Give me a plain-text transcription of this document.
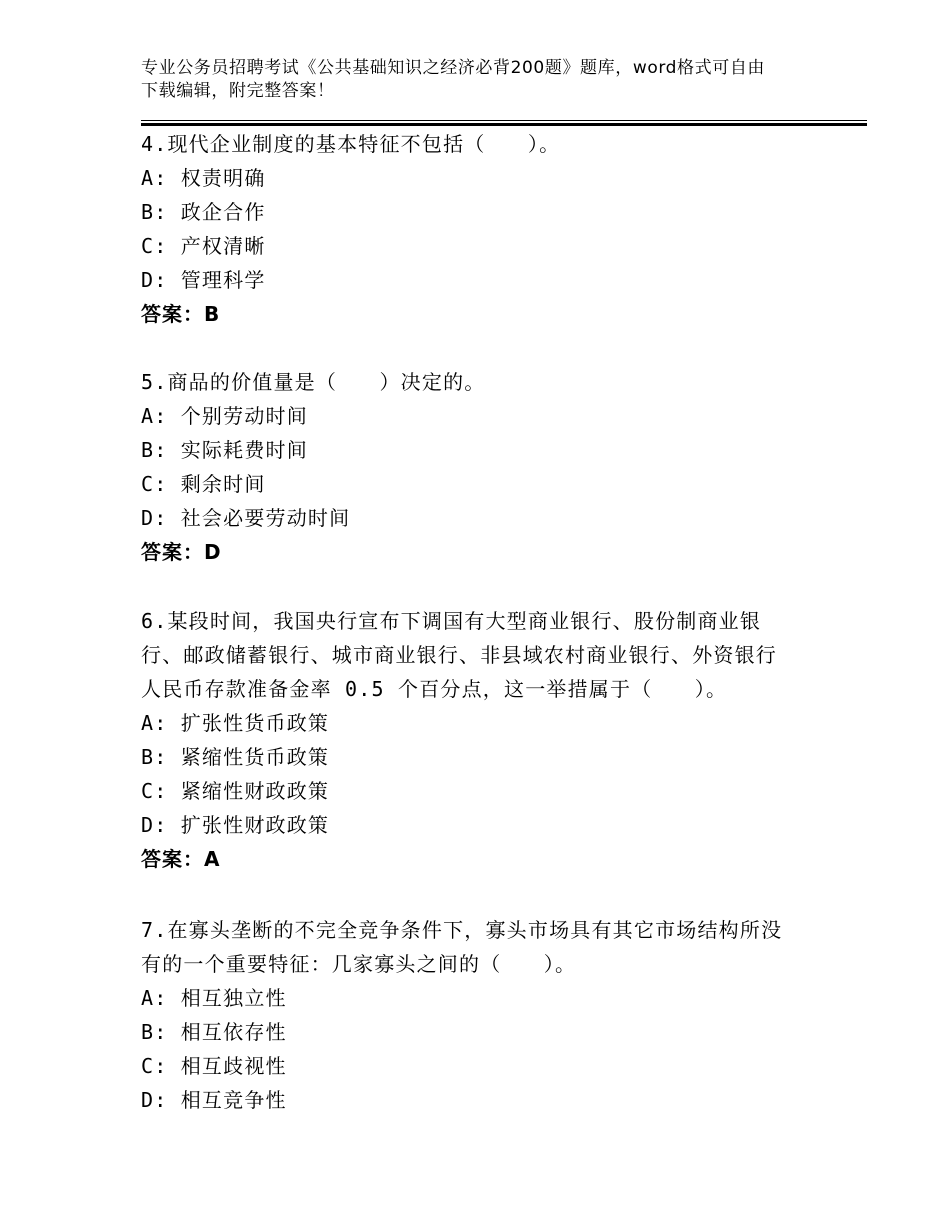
专业公务员招聘考试《公共基础知识之经济必背200题》题库，word格式可自由
下载编辑，附完整答案！
4.现代企业制度的基本特征不包括（　　）。
A: 权责明确
B: 政企合作
C: 产权清晰
D: 管理科学
答案：B
5.商品的价值量是（　　）决定的。
A: 个别劳动时间
B: 实际耗费时间
C: 剩余时间
D: 社会必要劳动时间
答案：D
6.某段时间，我国央行宣布下调国有大型商业银行、股份制商业银
行、邮政储蓄银行、城市商业银行、非县域农村商业银行、外资银行
人民币存款准备金率 0.5 个百分点，这一举措属于（　　）。
A: 扩张性货币政策
B: 紧缩性货币政策
C: 紧缩性财政政策
D: 扩张性财政政策
答案：A
7.在寡头垄断的不完全竞争条件下，寡头市场具有其它市场结构所没
有的一个重要特征：几家寡头之间的（　　）。
A: 相互独立性
B: 相互依存性
C: 相互歧视性
D: 相互竞争性
